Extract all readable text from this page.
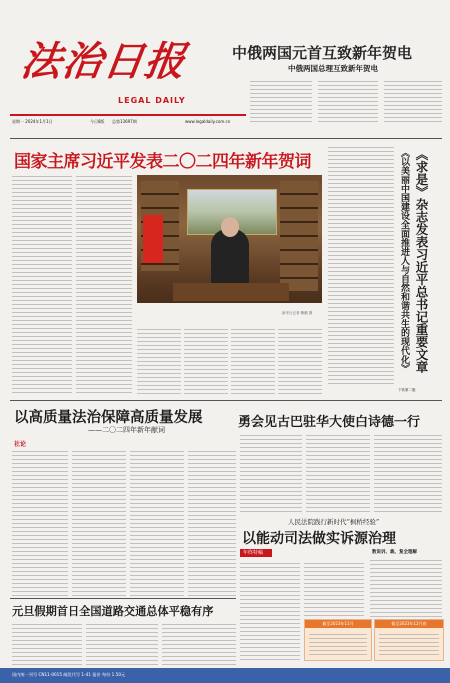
法治日报
LEGAL DAILY
星期一 2024年1月1日	今日8版 总第13697期	www.legaldaily.com.cn
中俄两国元首互致新年贺电
中俄两国总理互致新年贺电
国家主席习近平发表二〇二四年新年贺词
新华社记者 鞠鹏 摄	《求是》杂志发表习近平总书记重要文章
《以美丽中国建设全面推进人与自然和谐共生的现代化》
下转第二版
以高质量法治保障高质量发展
——二〇二四年新年献词
社论
勇会见古巴驻华大使白诗德一行
人民法院践行新时代“枫桥经验”
以能动司法做实诉源治理
年终特稿	数说诉、裁、复全理解
截至2023年11月	截至2023年12月底
元旦假期首日全国道路交通总体平稳有序
国内统一刊号 CN11-0015 邮发代号 1-41 报价 每份 1.50元
